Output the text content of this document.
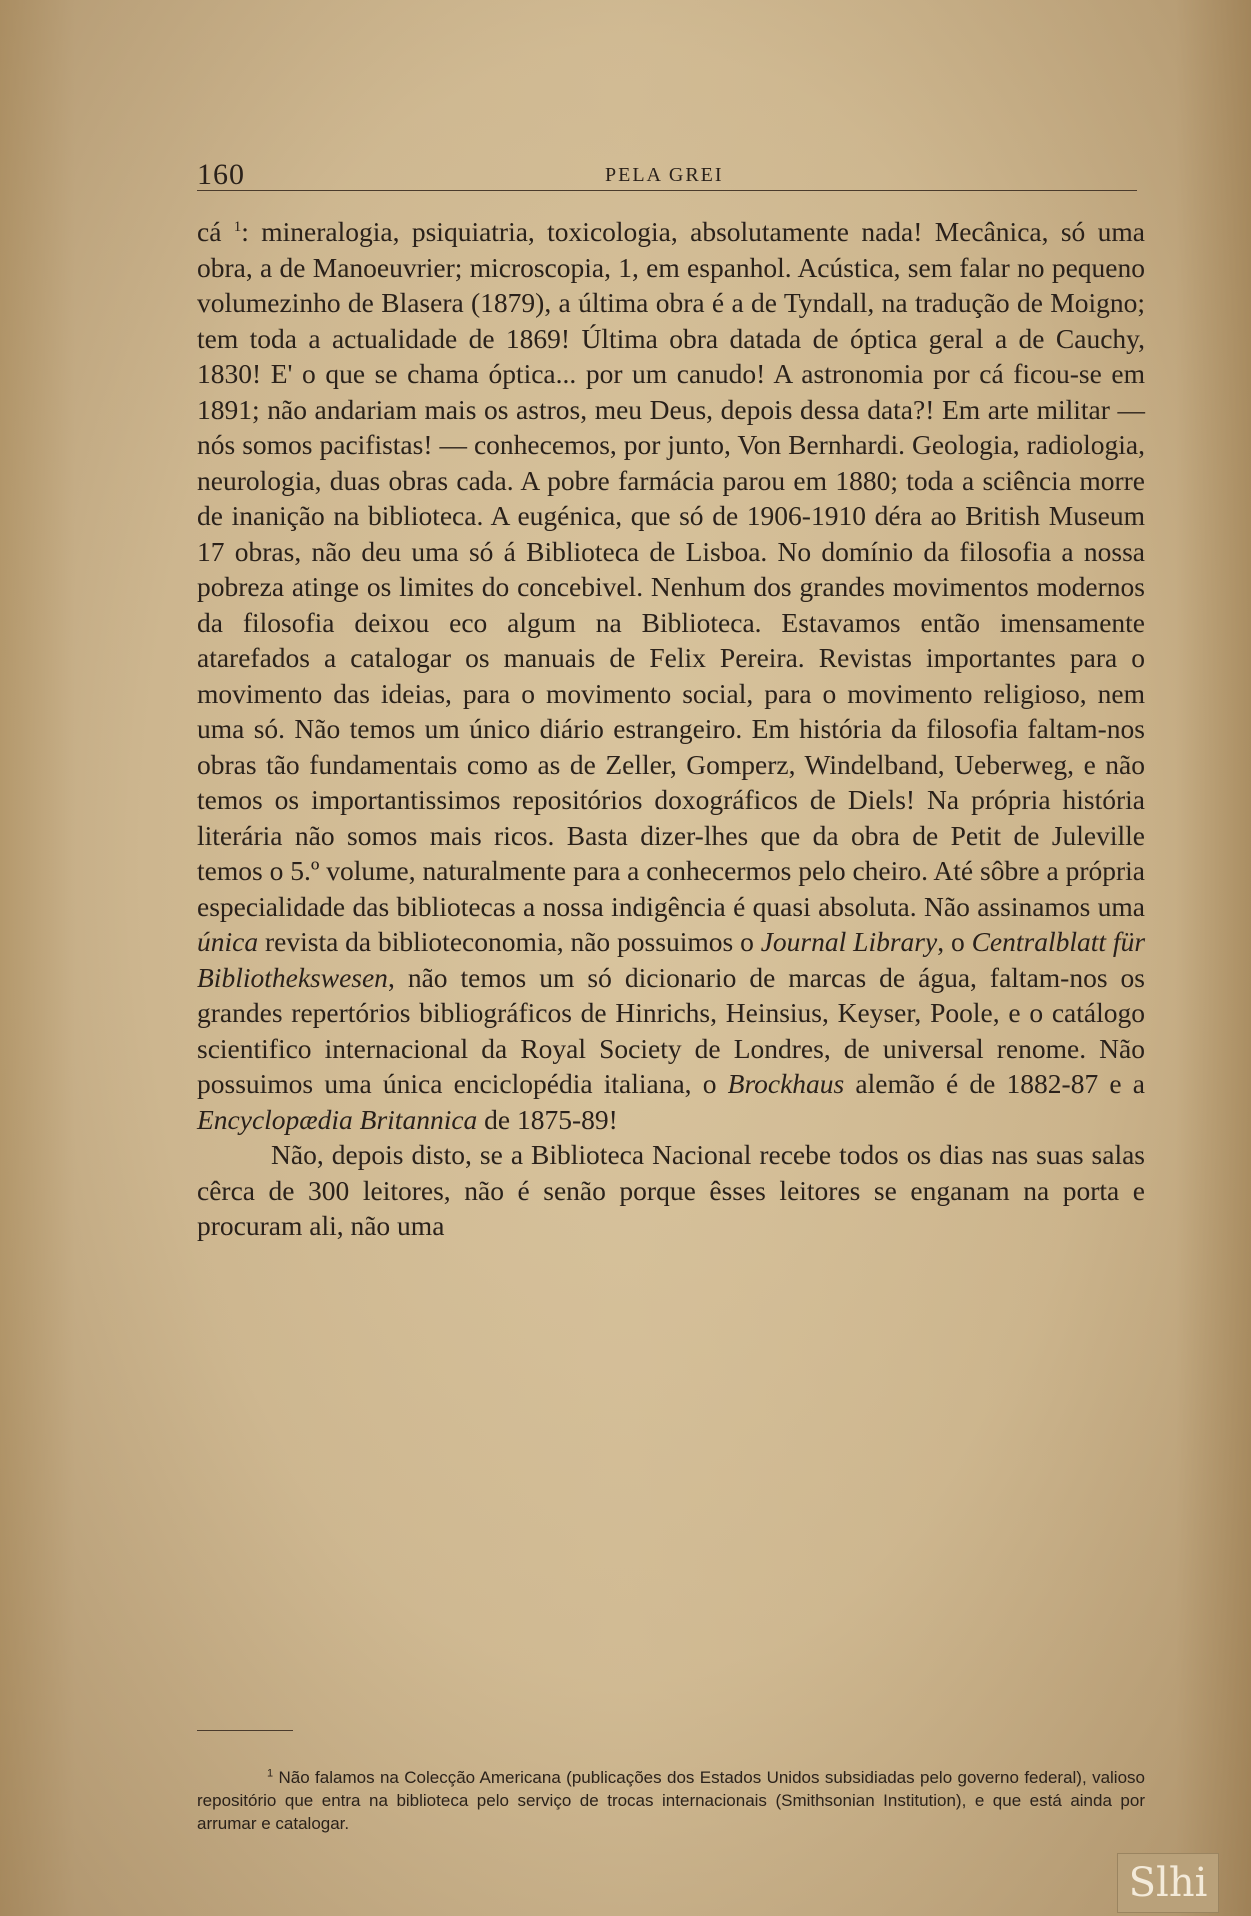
160	PELA GREI

cá $^1$: mineralogia, psiquiatria, toxicologia, absolutamente nada! Mecânica, só uma obra, a de Manoeuvrier; microscopia, 1, em espanhol. Acústica, sem falar no pequeno volumezinho de Blasera (1879), a última obra é a de Tyndall, na tradução de Moigno; tem toda a actualidade de 1869! Última obra datada de óptica geral a de Cauchy, 1830! E' o que se chama óptica... por um canudo! A astronomia por cá ficou-se em 1891; não andariam mais os astros, meu Deus, depois dessa data?! Em arte militar — nós somos pacifistas! — conhecemos, por junto, Von Bernhardi. Geologia, radiologia, neurologia, duas obras cada. A pobre farmácia parou em 1880; toda a sciência morre de inanição na biblioteca. A eugénica, que só de 1906-1910 déra ao British Museum 17 obras, não deu uma só á Biblioteca de Lisboa. No domínio da filosofia a nossa pobreza atinge os limites do concebivel. Nenhum dos grandes movimentos modernos da filosofia deixou eco algum na Biblioteca. Estavamos então imensamente atarefados a catalogar os manuais de Felix Pereira. Revistas importantes para o movimento das ideias, para o movimento social, para o movimento religioso, nem uma só. Não temos um único diário estrangeiro. Em história da filosofia faltam-nos obras tão fundamentais como as de Zeller, Gomperz, Windelband, Ueberweg, e não temos os importantissimos repositórios doxográficos de Diels! Na própria história literária não somos mais ricos. Basta dizer-lhes que da obra de Petit de Juleville temos o 5.º volume, naturalmente para a conhecermos pelo cheiro. Até sôbre a própria especialidade das bibliotecas a nossa indigência é quasi absoluta. Não assinamos uma única revista da biblioteconomia, não possuimos o Journal Library, o Centralblatt für Bibliothekswesen, não temos um só dicionario de marcas de água, faltam-nos os grandes repertórios bibliográficos de Hinrichs, Heinsius, Keyser, Poole, e o catálogo scientifico internacional da Royal Society de Londres, de universal renome. Não possuimos uma única enciclopédia italiana, o Brockhaus alemão é de 1882-87 e a Encyclopædia Britannica de 1875-89!

Não, depois disto, se a Biblioteca Nacional recebe todos os dias nas suas salas cêrca de 300 leitores, não é senão porque êsses leitores se enganam na porta e procuram ali, não uma

$^1$ Não falamos na Colecção Americana (publicações dos Estados Unidos subsidiadas pelo governo federal), valioso repositório que entra na biblioteca pelo serviço de trocas internacionais (Smithsonian Institution), e que está ainda por arrumar e catalogar.

Slhi
